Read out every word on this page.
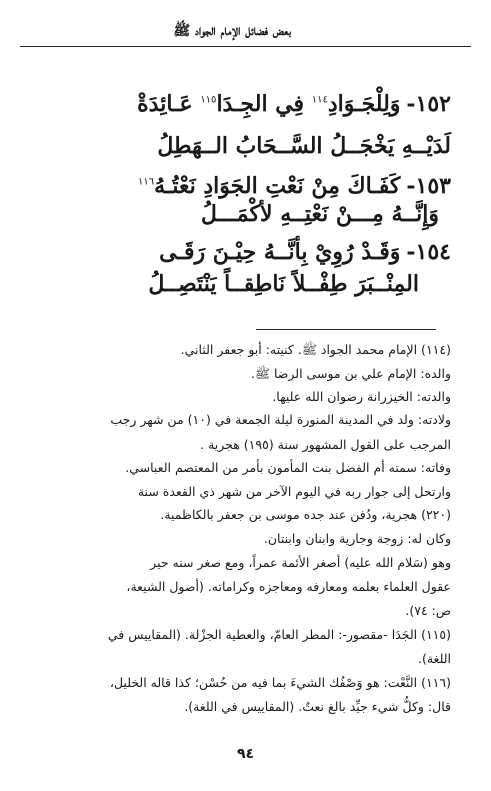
بعض فضائل الإمام الجواد ﷺ
١٥٢-وَلِلْجَـوَادِ$^{١١٤}$ فِي الجِـدَا$^{١١٥}$ عَـائِدَةْ
لَدَيْــهِ يَخْجَــلُ السَّــحَابُ الــهَطِلُ
١٥٣-كَفَـاكَ مِنْ نَعْتِ الجَوَادِ نَعْتُـهُ$^{١١٦}$
وَإِنَّــهُ مِـــنْ نَعْتِــهِ لأكْمَـــلُ
١٥٤-وَقَـدْ رُوِيْ بِأنَّــهُ حِيْـنَ رَقَـى
المِنْــبَرَ طِفْــلاً نَاطِقــاً يَنْتَصِــلُ
(١١٤) الإمام محمد الجواد ﷺ. كنيته: أبو جعفر الثاني.
والده: الإمام علي بن موسى الرضا ﷺ.
والدته: الخيزرانة رضوان الله عليها.
ولادته: ولد في المدينة المنورة ليلة الجمعة في (١٠) من شهر رجب
المرجب على القول المشهور سنة (١٩٥) هجرية .
وفاته: سمته أم الفضل بنت المأمون بأمر من المعتصم العباسي.
وارتحل إلى جوار ربه في اليوم الآخر من شهر ذي القعدة سنة
(٢٢٠) هجرية، ودُفن عند جده موسى بن جعفر بالكاظمية.
وكان له: زوجة وجارية وابنان وابنتان.
وهو (سَلام الله عليه) أصغر الأئمة عمراً، ومع صغر سنه حير
عقول العلماء بعلمه ومعارفه ومعاجزه وكراماته. (أصول الشيعة،
ص: ٧٤).
(١١٥) الجَدَا -مقصور-: المطر العامّ، والعطية الجزْلة. (المقاييس في
اللغة).
(١١٦) النَّعْت: هو وَصْفُك الشيءَ بما فيه من حُسْن؛ كذا قاله الخليل،
قال: وكلُّ شيء جيِّد بالغ نعتٌ. (المقاييس في اللغة).
٩٤
